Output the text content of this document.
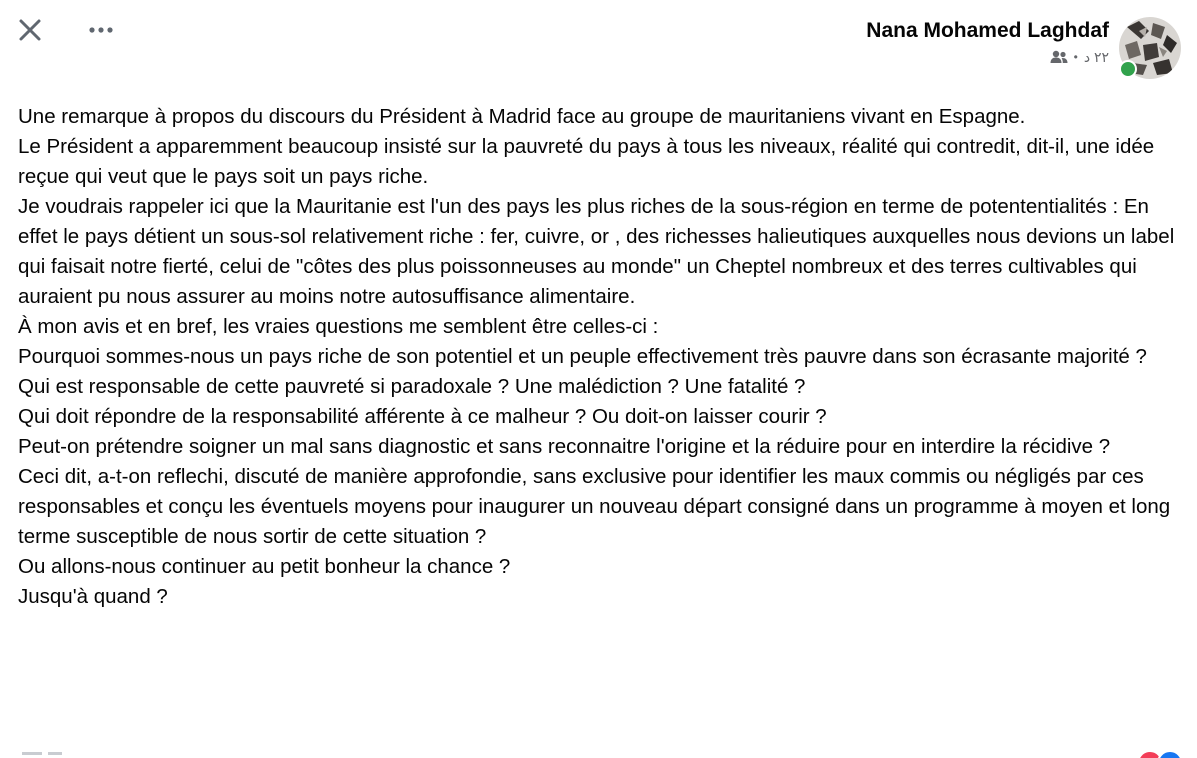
Nana Mohamed Laghdaf
• ٢٢ د
Une remarque à propos du discours du Président à Madrid face au groupe de mauritaniens vivant en Espagne.
Le Président a apparemment beaucoup insisté sur la pauvreté du pays à tous les niveaux, réalité qui contredit, dit-il, une idée reçue qui veut que le pays soit un pays riche.
Je voudrais rappeler ici que la Mauritanie est l'un des pays les plus riches de la sous-région en terme de potententialités : En effet le pays détient un sous-sol relativement riche : fer, cuivre, or , des richesses halieutiques auxquelles nous devions un label qui faisait notre fierté, celui de "côtes des plus poissonneuses au monde" un Cheptel nombreux et des terres cultivables qui auraient pu nous assurer au moins notre autosuffisance alimentaire.
À mon avis et en bref, les vraies questions me semblent être celles-ci :
Pourquoi sommes-nous un pays riche de son potentiel et un peuple effectivement très pauvre dans son écrasante majorité ?
Qui est responsable de cette pauvreté si paradoxale ? Une malédiction ? Une fatalité ?
Qui doit répondre de la responsabilité afférente à ce malheur ? Ou doit-on laisser courir ?
Peut-on prétendre soigner un mal sans diagnostic et sans reconnaitre l'origine et la réduire pour en interdire la récidive ?
Ceci dit, a-t-on reflechi, discuté de manière approfondie, sans exclusive pour identifier les maux commis ou négligés par ces responsables et conçu les éventuels moyens pour inaugurer un nouveau départ consigné dans un programme à moyen et long terme susceptible de nous sortir de cette situation ?
Ou allons-nous continuer au petit bonheur la chance ?
Jusqu'à quand ?
